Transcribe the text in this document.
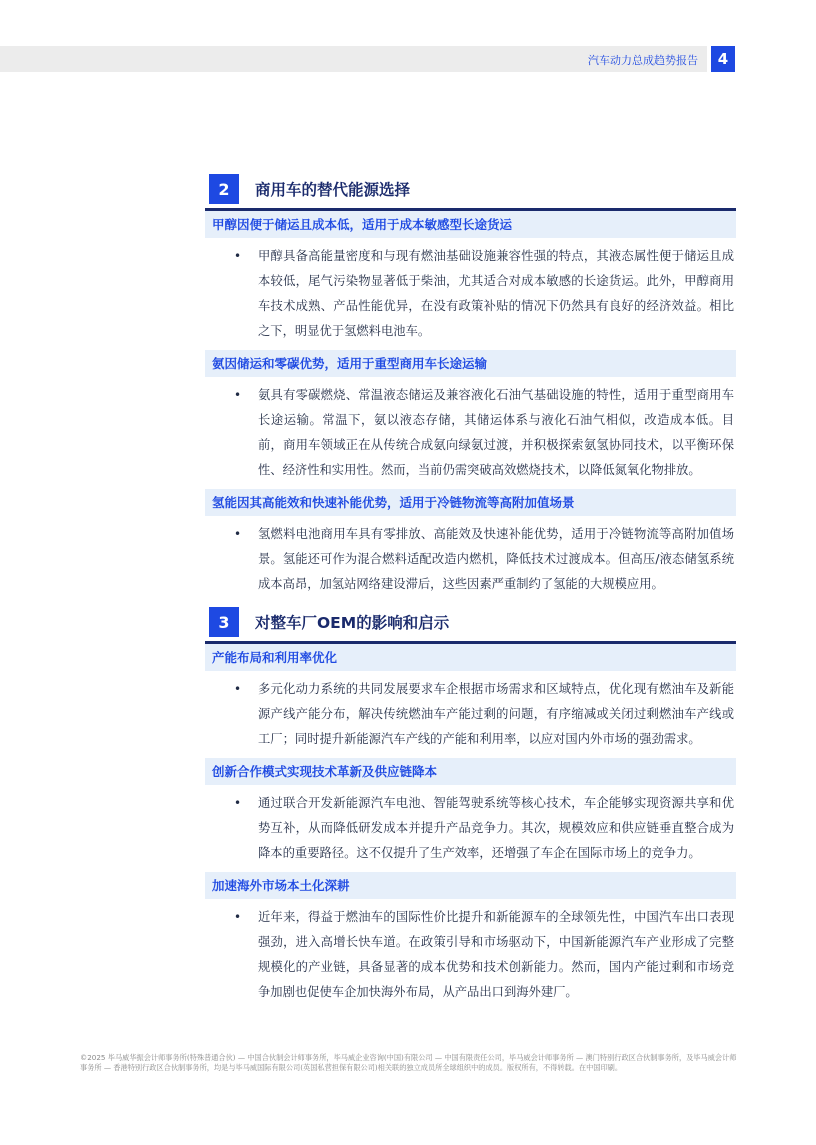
汽车动力总成趋势报告	4
2	商用车的替代能源选择
甲醇因便于储运且成本低，适用于成本敏感型长途货运
• 甲醇具备高能量密度和与现有燃油基础设施兼容性强的特点，其液态属性便于储运且成本较低，尾气污染物显著低于柴油，尤其适合对成本敏感的长途货运。此外，甲醇商用车技术成熟、产品性能优异，在没有政策补贴的情况下仍然具有良好的经济效益。相比之下，明显优于氢燃料电池车。
氨因储运和零碳优势，适用于重型商用车长途运输
• 氨具有零碳燃烧、常温液态储运及兼容液化石油气基础设施的特性，适用于重型商用车长途运输。常温下，氨以液态存储，其储运体系与液化石油气相似，改造成本低。目前，商用车领域正在从传统合成氨向绿氨过渡，并积极探索氨氢协同技术，以平衡环保性、经济性和实用性。然而，当前仍需突破高效燃烧技术，以降低氮氧化物排放。
氢能因其高能效和快速补能优势，适用于冷链物流等高附加值场景
• 氢燃料电池商用车具有零排放、高能效及快速补能优势，适用于冷链物流等高附加值场景。氢能还可作为混合燃料适配改造内燃机，降低技术过渡成本。但高压/液态储氢系统成本高昂，加氢站网络建设滞后，这些因素严重制约了氢能的大规模应用。
3	对整车厂OEM的影响和启示
产能布局和利用率优化
• 多元化动力系统的共同发展要求车企根据市场需求和区域特点，优化现有燃油车及新能源产线产能分布，解决传统燃油车产能过剩的问题，有序缩减或关闭过剩燃油车产线或工厂；同时提升新能源汽车产线的产能和利用率，以应对国内外市场的强劲需求。
创新合作模式实现技术革新及供应链降本
• 通过联合开发新能源汽车电池、智能驾驶系统等核心技术，车企能够实现资源共享和优势互补，从而降低研发成本并提升产品竞争力。其次，规模效应和供应链垂直整合成为降本的重要路径。这不仅提升了生产效率，还增强了车企在国际市场上的竞争力。
加速海外市场本土化深耕
• 近年来，得益于燃油车的国际性价比提升和新能源车的全球领先性，中国汽车出口表现强劲，进入高增长快车道。在政策引导和市场驱动下，中国新能源汽车产业形成了完整规模化的产业链，具备显著的成本优势和技术创新能力。然而，国内产能过剩和市场竞争加剧也促使车企加快海外布局，从产品出口到海外建厂。
©2025 毕马威华振会计师事务所(特殊普通合伙) — 中国合伙制会计师事务所，毕马威企业咨询(中国)有限公司 — 中国有限责任公司，毕马威会计师事务所 — 澳门特别行政区合伙制事务所，及毕马威会计师事务所 — 香港特别行政区合伙制事务所，均是与毕马威国际有限公司(英国私营担保有限公司)相关联的独立成员所全球组织中的成员。版权所有，不得转载。在中国印刷。
